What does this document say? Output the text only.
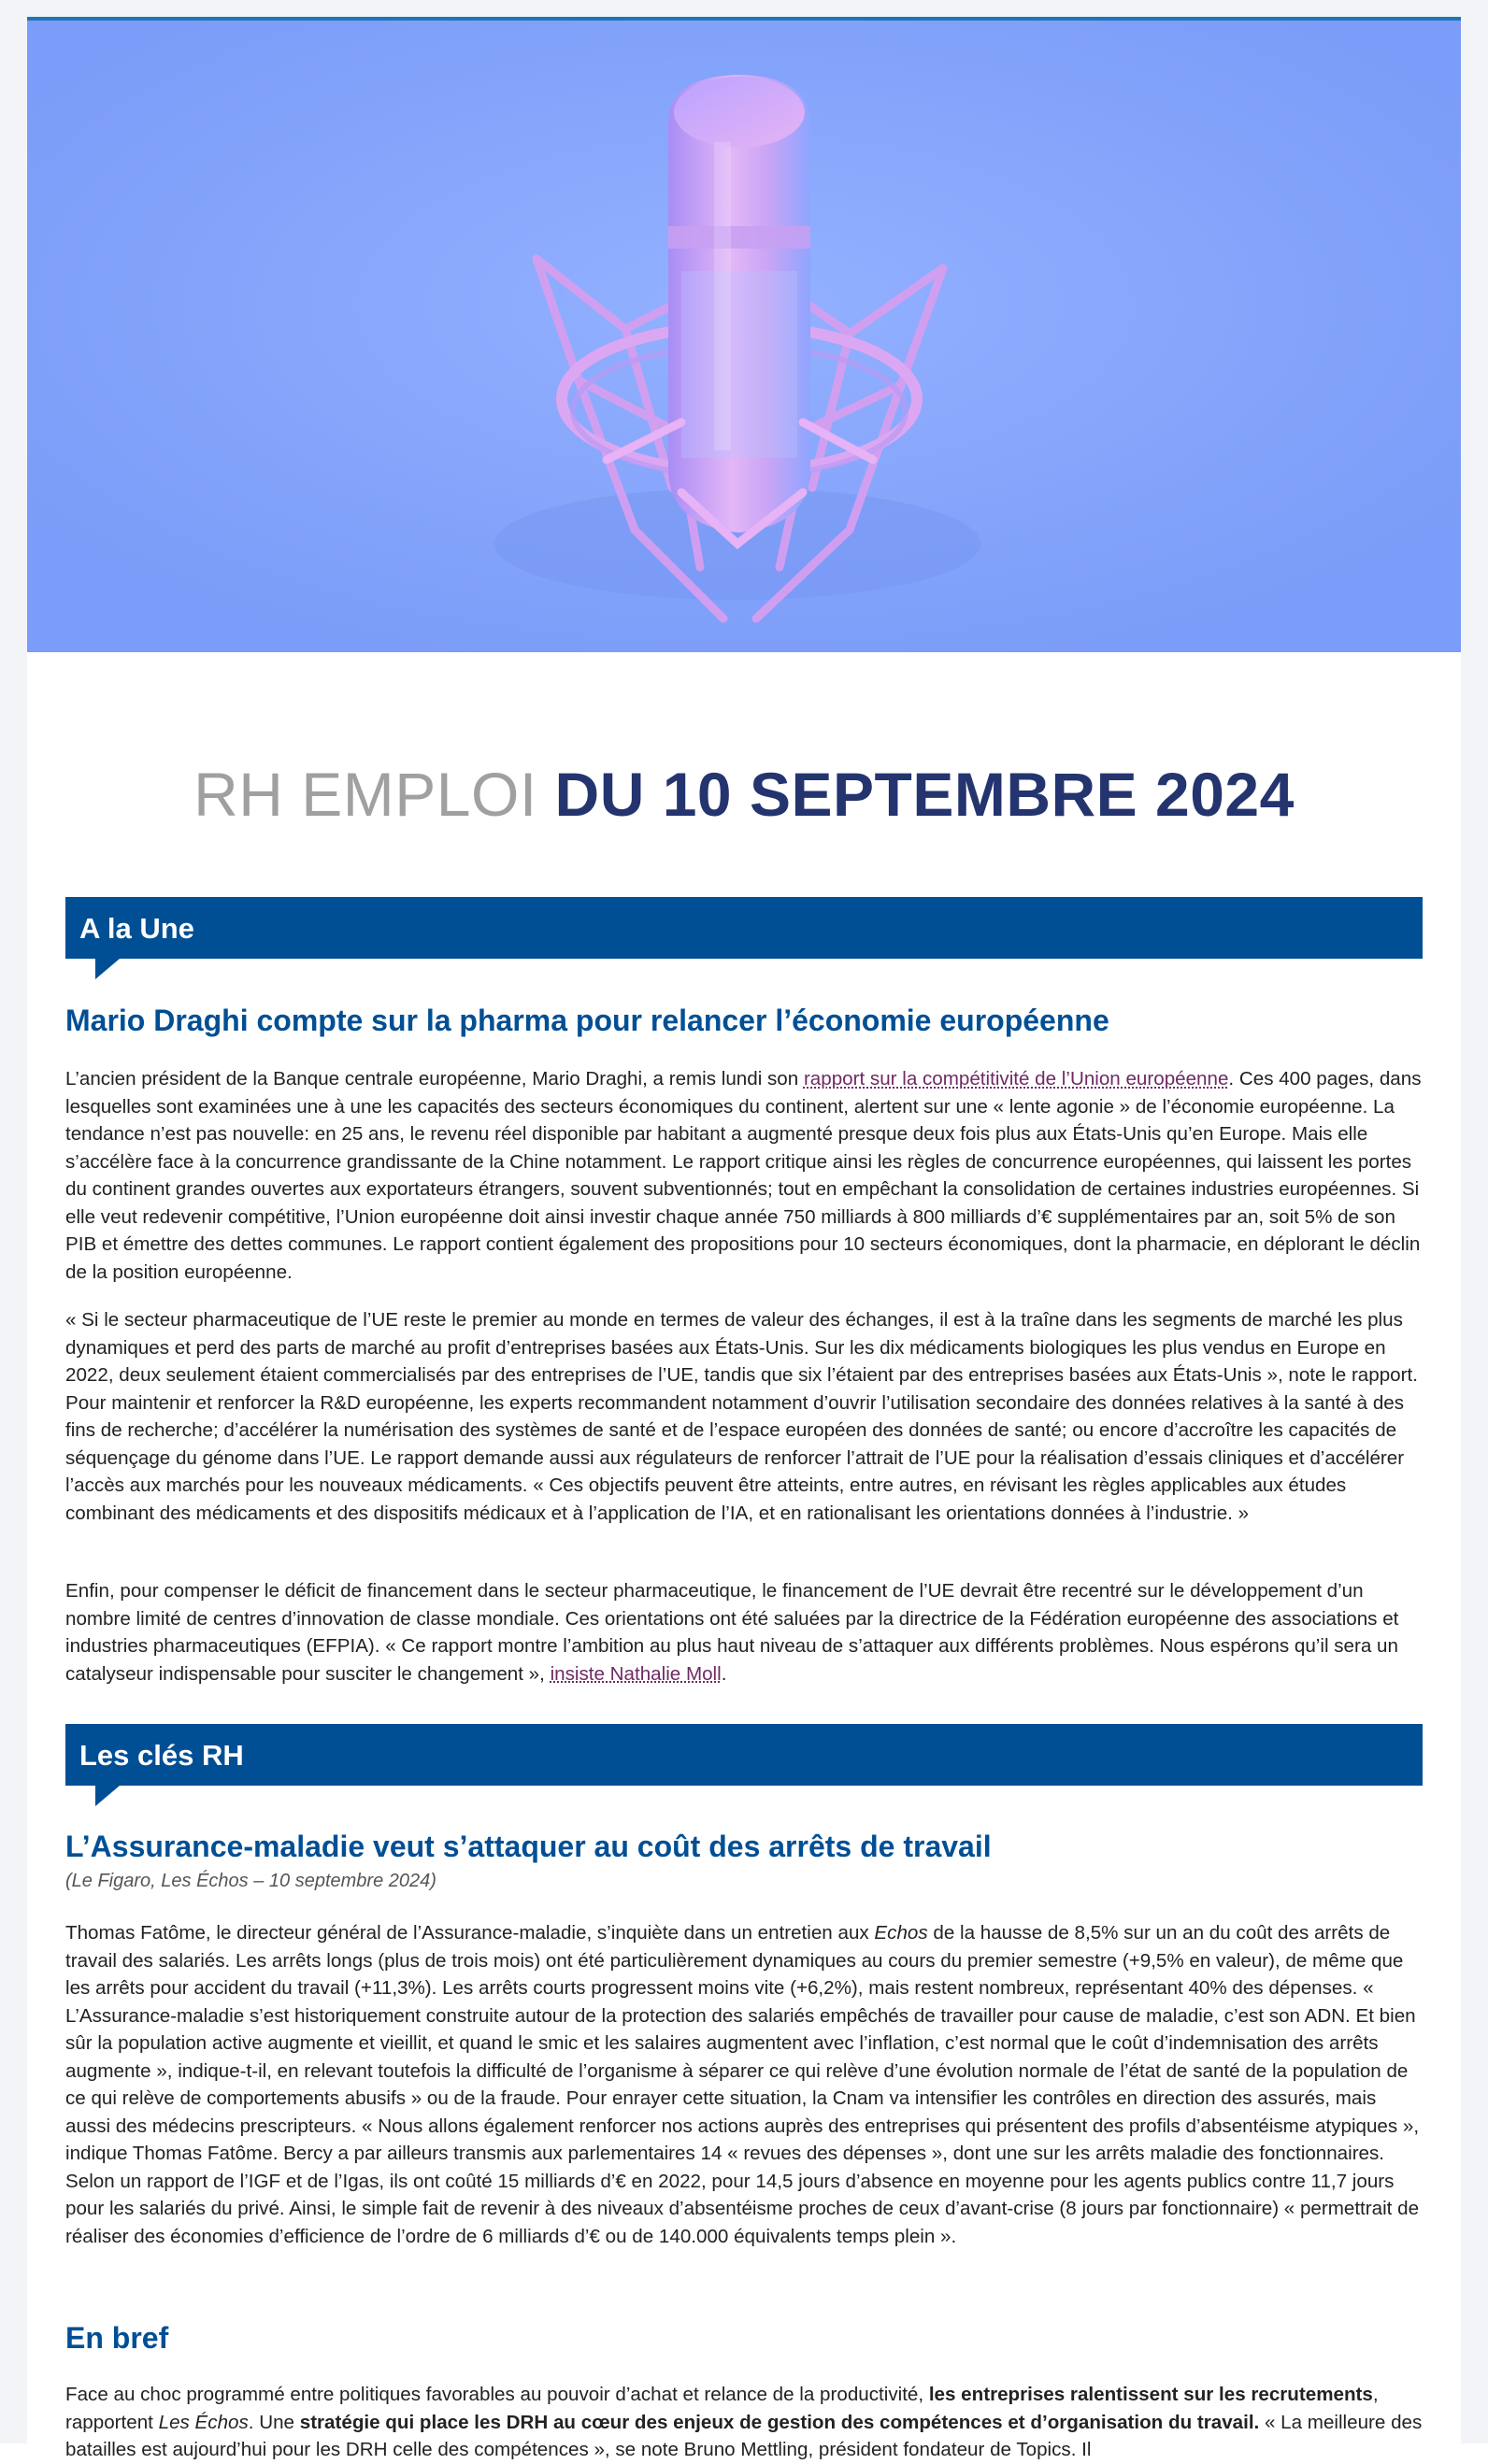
RH EMPLOI DU 10 SEPTEMBRE 2024
A la Une
Mario Draghi compte sur la pharma pour relancer l’économie européenne

L’ancien président de la Banque centrale européenne, Mario Draghi, a remis lundi son rapport sur la compétitivité de l’Union européenne. Ces 400 pages, dans lesquelles sont examinées une à une les capacités des secteurs économiques du continent, alertent sur une « lente agonie » de l’économie européenne. La tendance n’est pas nouvelle: en 25 ans, le revenu réel disponible par habitant a augmenté presque deux fois plus aux États-Unis qu’en Europe. Mais elle s’accélère face à la concurrence grandissante de la Chine notamment. Le rapport critique ainsi les règles de concurrence européennes, qui laissent les portes du continent grandes ouvertes aux exportateurs étrangers, souvent subventionnés; tout en empêchant la consolidation de certaines industries européennes. Si elle veut redevenir compétitive, l’Union européenne doit ainsi investir chaque année 750 milliards à 800 milliards d’€ supplémentaires par an, soit 5% de son PIB et émettre des dettes communes. Le rapport contient également des propositions pour 10 secteurs économiques, dont la pharmacie, en déplorant le déclin de la position européenne.

« Si le secteur pharmaceutique de l’UE reste le premier au monde en termes de valeur des échanges, il est à la traîne dans les segments de marché les plus dynamiques et perd des parts de marché au profit d’entreprises basées aux États-Unis. Sur les dix médicaments biologiques les plus vendus en Europe en 2022, deux seulement étaient commercialisés par des entreprises de l’UE, tandis que six l’étaient par des entreprises basées aux États-Unis », note le rapport. Pour maintenir et renforcer la R&D européenne, les experts recommandent notamment d’ouvrir l’utilisation secondaire des données relatives à la santé à des fins de recherche; d’accélérer la numérisation des systèmes de santé et de l’espace européen des données de santé; ou encore d’accroître les capacités de séquençage du génome dans l’UE. Le rapport demande aussi aux régulateurs de renforcer l’attrait de l’UE pour la réalisation d’essais cliniques et d’accélérer l’accès aux marchés pour les nouveaux médicaments. « Ces objectifs peuvent être atteints, entre autres, en révisant les règles applicables aux études combinant des médicaments et des dispositifs médicaux et à l’application de l’IA, et en rationalisant les orientations données à l’industrie. »

Enfin, pour compenser le déficit de financement dans le secteur pharmaceutique, le financement de l’UE devrait être recentré sur le développement d’un nombre limité de centres d’innovation de classe mondiale. Ces orientations ont été saluées par la directrice de la Fédération européenne des associations et industries pharmaceutiques (EFPIA). « Ce rapport montre l’ambition au plus haut niveau de s’attaquer aux différents problèmes. Nous espérons qu’il sera un catalyseur indispensable pour susciter le changement », insiste Nathalie Moll.

Les clés RH
L’Assurance-maladie veut s’attaquer au coût des arrêts de travail
(Le Figaro, Les Échos – 10 septembre 2024)

Thomas Fatôme, le directeur général de l’Assurance-maladie, s’inquiète dans un entretien aux Echos de la hausse de 8,5% sur un an du coût des arrêts de travail des salariés. Les arrêts longs (plus de trois mois) ont été particulièrement dynamiques au cours du premier semestre (+9,5% en valeur), de même que les arrêts pour accident du travail (+11,3%). Les arrêts courts progressent moins vite (+6,2%), mais restent nombreux, représentant 40% des dépenses. « L’Assurance-maladie s’est historiquement construite autour de la protection des salariés empêchés de travailler pour cause de maladie, c’est son ADN. Et bien sûr la population active augmente et vieillit, et quand le smic et les salaires augmentent avec l’inflation, c’est normal que le coût d’indemnisation des arrêts augmente », indique-t-il, en relevant toutefois la difficulté de l’organisme à séparer ce qui relève d’une évolution normale de l’état de santé de la population de ce qui relève de comportements abusifs » ou de la fraude. Pour enrayer cette situation, la Cnam va intensifier les contrôles en direction des assurés, mais aussi des médecins prescripteurs. « Nous allons également renforcer nos actions auprès des entreprises qui présentent des profils d’absentéisme atypiques », indique Thomas Fatôme. Bercy a par ailleurs transmis aux parlementaires 14 « revues des dépenses », dont une sur les arrêts maladie des fonctionnaires. Selon un rapport de l’IGF et de l’Igas, ils ont coûté 15 milliards d’€ en 2022, pour 14,5 jours d’absence en moyenne pour les agents publics contre 11,7 jours pour les salariés du privé. Ainsi, le simple fait de revenir à des niveaux d’absentéisme proches de ceux d’avant-crise (8 jours par fonctionnaire) « permettrait de réaliser des économies d’efficience de l’ordre de 6 milliards d’€ ou de 140.000 équivalents temps plein ».

En bref

Face au choc programmé entre politiques favorables au pouvoir d’achat et relance de la productivité, les entreprises ralentissent sur les recrutements, rapportent Les Échos. Une stratégie qui place les DRH au cœur des enjeux de gestion des compétences et d’organisation du travail. « La meilleure des batailles est aujourd’hui pour les DRH celle des compétences », se note Bruno Mettling, président fondateur de Topics. Il
